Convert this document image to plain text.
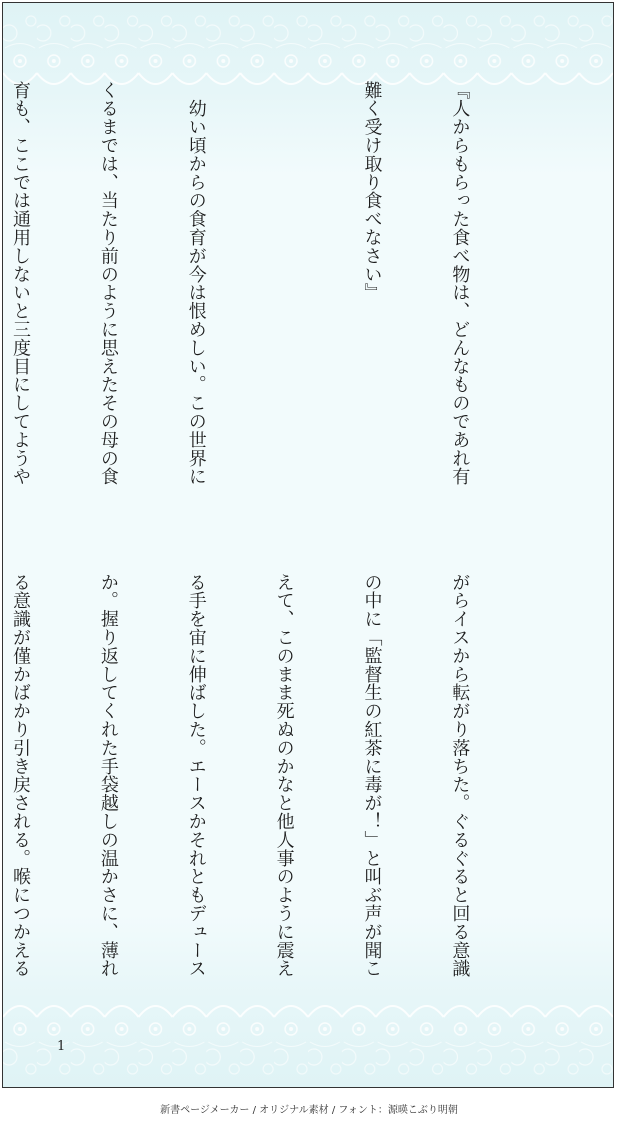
『人からもらった食べ物は、どんなものであれ有

難く受け取り食べなさい』

　幼い頃からの食育が今は恨めしい。この世界に

くるまでは、当たり前のように思えたその母の食

育も、ここでは通用しないと三度目にしてようや

がらイスから転がり落ちた。ぐるぐると回る意識

の中に「監督生の紅茶に毒が！」と叫ぶ声が聞こ

えて、このまま死ぬのかなと他人事のように震え

る手を宙に伸ばした。エースかそれともデュース

か。握り返してくれた手袋越しの温かさに、薄れ

る意識が僅かばかり引き戻される。喉につかえる

1
新書ページメーカー / オリジナル素材 / フォント：源暎こぶり明朝
